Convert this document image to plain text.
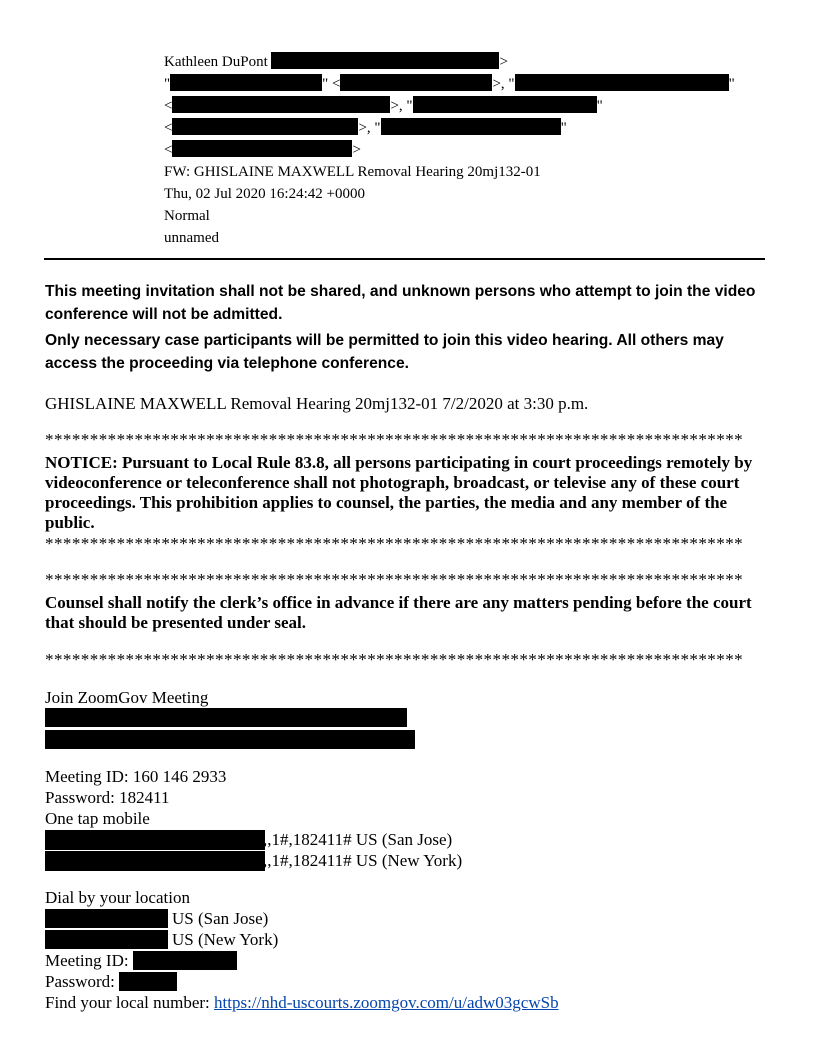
Kathleen DuPont	>
"	" <	>, "	"
<	>, "	"
<	>, "	"
<	>
FW: GHISLAINE MAXWELL Removal Hearing 20mj132-01
Thu, 02 Jul 2020 16:24:42 +0000
Normal
unnamed
This meeting invitation shall not be shared, and unknown persons who attempt to join the video conference will not be admitted.
Only necessary case participants will be permitted to join this video hearing. All others may access the proceeding via telephone conference.
GHISLAINE MAXWELL Removal Hearing 20mj132-01 7/2/2020 at 3:30 p.m.
******************************************************************************
NOTICE: Pursuant to Local Rule 83.8, all persons participating in court proceedings remotely by videoconference or teleconference shall not photograph, broadcast, or televise any of these court proceedings. This prohibition applies to counsel, the parties, the media and any member of the public.
******************************************************************************
******************************************************************************
Counsel shall notify the clerk’s office in advance if there are any matters pending before the court that should be presented under seal.
******************************************************************************
Join ZoomGov Meeting
Meeting ID: 160 146 2933
Password: 182411
One tap mobile
,,1#,182411# US (San Jose)
,,1#,182411# US (New York)
Dial by your location
US (San Jose)
US (New York)
Meeting ID:
Password:
Find your local number: https://nhd-uscourts.zoomgov.com/u/adw03gcwSb
